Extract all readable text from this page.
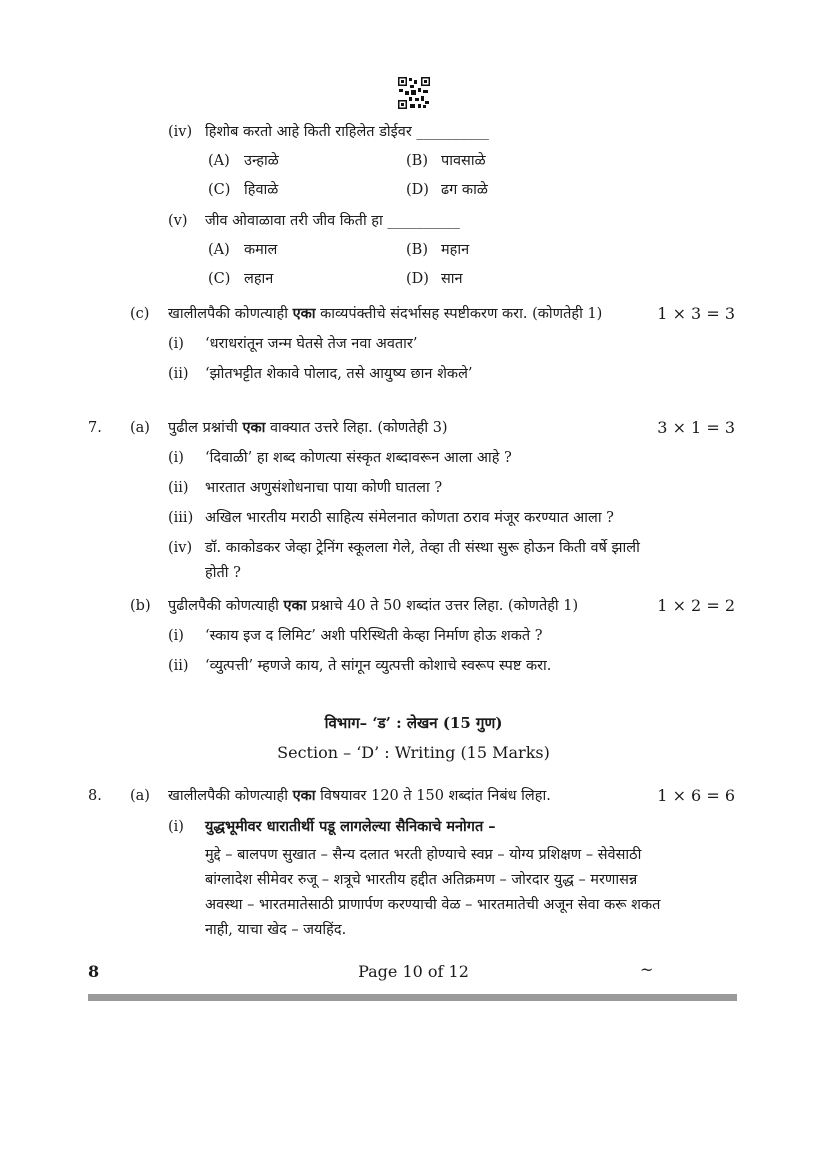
(iv) हिशोब करतो आहे किती राहिलेत डोईवर __________
(A) उन्हाळे	(B) पावसाळे
(C) हिवाळे	(D) ढग काळे
(v) जीव ओवाळावा तरी जीव किती हा __________
(A) कमाल	(B) महान
(C) लहान	(D) सान
(c) खालीलपैकी कोणत्याही एका काव्यपंक्तीचे संदर्भासह स्पष्टीकरण करा. (कोणतेही 1)	1 × 3 = 3
(i) ‘धराधरांतून जन्म घेतसे तेज नवा अवतार’
(ii) ‘झोतभट्टीत शेकावे पोलाद, तसे आयुष्य छान शेकले’
7. (a) पुढील प्रश्नांची एका वाक्यात उत्तरे लिहा. (कोणतेही 3)	3 × 1 = 3
(i) ‘दिवाळी’ हा शब्द कोणत्या संस्कृत शब्दावरून आला आहे ?
(ii) भारतात अणुसंशोधनाचा पाया कोणी घातला ?
(iii) अखिल भारतीय मराठी साहित्य संमेलनात कोणता ठराव मंजूर करण्यात आला ?
(iv) डॉ. काकोडकर जेव्हा ट्रेनिंग स्कूलला गेले, तेव्हा ती संस्था सुरू होऊन किती वर्षे झाली
होती ?
(b) पुढीलपैकी कोणत्याही एका प्रश्नाचे 40 ते 50 शब्दांत उत्तर लिहा. (कोणतेही 1)	1 × 2 = 2
(i) ‘स्काय इज द लिमिट’ अशी परिस्थिती केव्हा निर्माण होऊ शकते ?
(ii) ‘व्युत्पत्ती’ म्हणजे काय, ते सांगून व्युत्पत्ती कोशाचे स्वरूप स्पष्ट करा.
विभाग– ‘ड’ : लेखन (15 गुण)
Section – ‘D’ : Writing (15 Marks)
8. (a) खालीलपैकी कोणत्याही एका विषयावर 120 ते 150 शब्दांत निबंध लिहा.	1 × 6 = 6
(i) युद्धभूमीवर धारातीर्थी पडू लागलेल्या सैनिकाचे मनोगत –
मुद्दे – बालपण सुखात – सैन्य दलात भरती होण्याचे स्वप्न – योग्य प्रशिक्षण – सेवेसाठी
बांग्लादेश सीमेवर रुजू – शत्रूचे भारतीय हद्दीत अतिक्रमण – जोरदार युद्ध – मरणासन्न
अवस्था – भारतमातेसाठी प्राणार्पण करण्याची वेळ – भारतमातेची अजून सेवा करू शकत
नाही, याचा खेद – जयहिंद.
8	Page 10 of 12	~
